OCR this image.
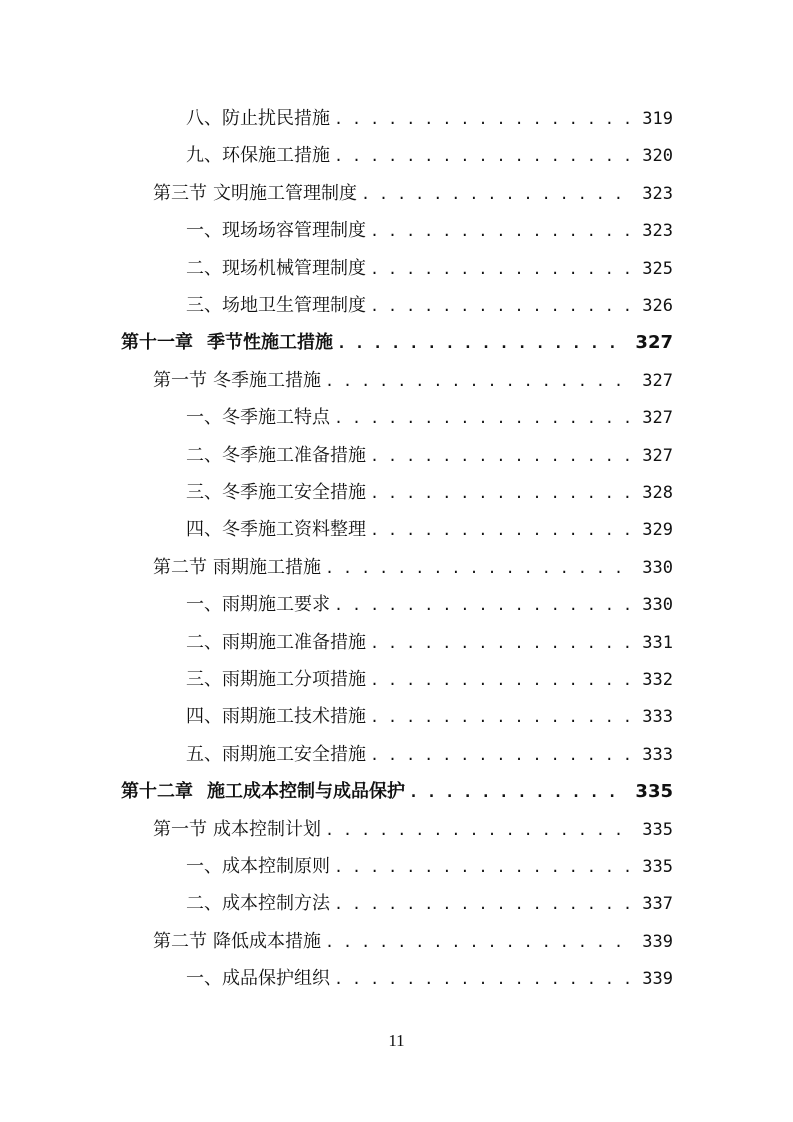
八、防止扰民措施 . . .	319
九、环保施工措施 . . .	320
第三节 文明施工管理制度 . . .	323
一、现场场容管理制度 . . .	323
二、现场机械管理制度 . . .	325
三、场地卫生管理制度 . . .	326
第十一章 季节性施工措施 . . .	327
第一节 冬季施工措施 . . .	327
一、冬季施工特点 . . .	327
二、冬季施工准备措施 . . .	327
三、冬季施工安全措施 . . .	328
四、冬季施工资料整理 . . .	329
第二节 雨期施工措施 . . .	330
一、雨期施工要求 . . .	330
二、雨期施工准备措施 . . .	331
三、雨期施工分项措施 . . .	332
四、雨期施工技术措施 . . .	333
五、雨期施工安全措施 . . .	333
第十二章 施工成本控制与成品保护 . . .	335
第一节 成本控制计划 . . .	335
一、成本控制原则 . . .	335
二、成本控制方法 . . .	337
第二节 降低成本措施 . . .	339
一、成品保护组织 . . .	339
11
